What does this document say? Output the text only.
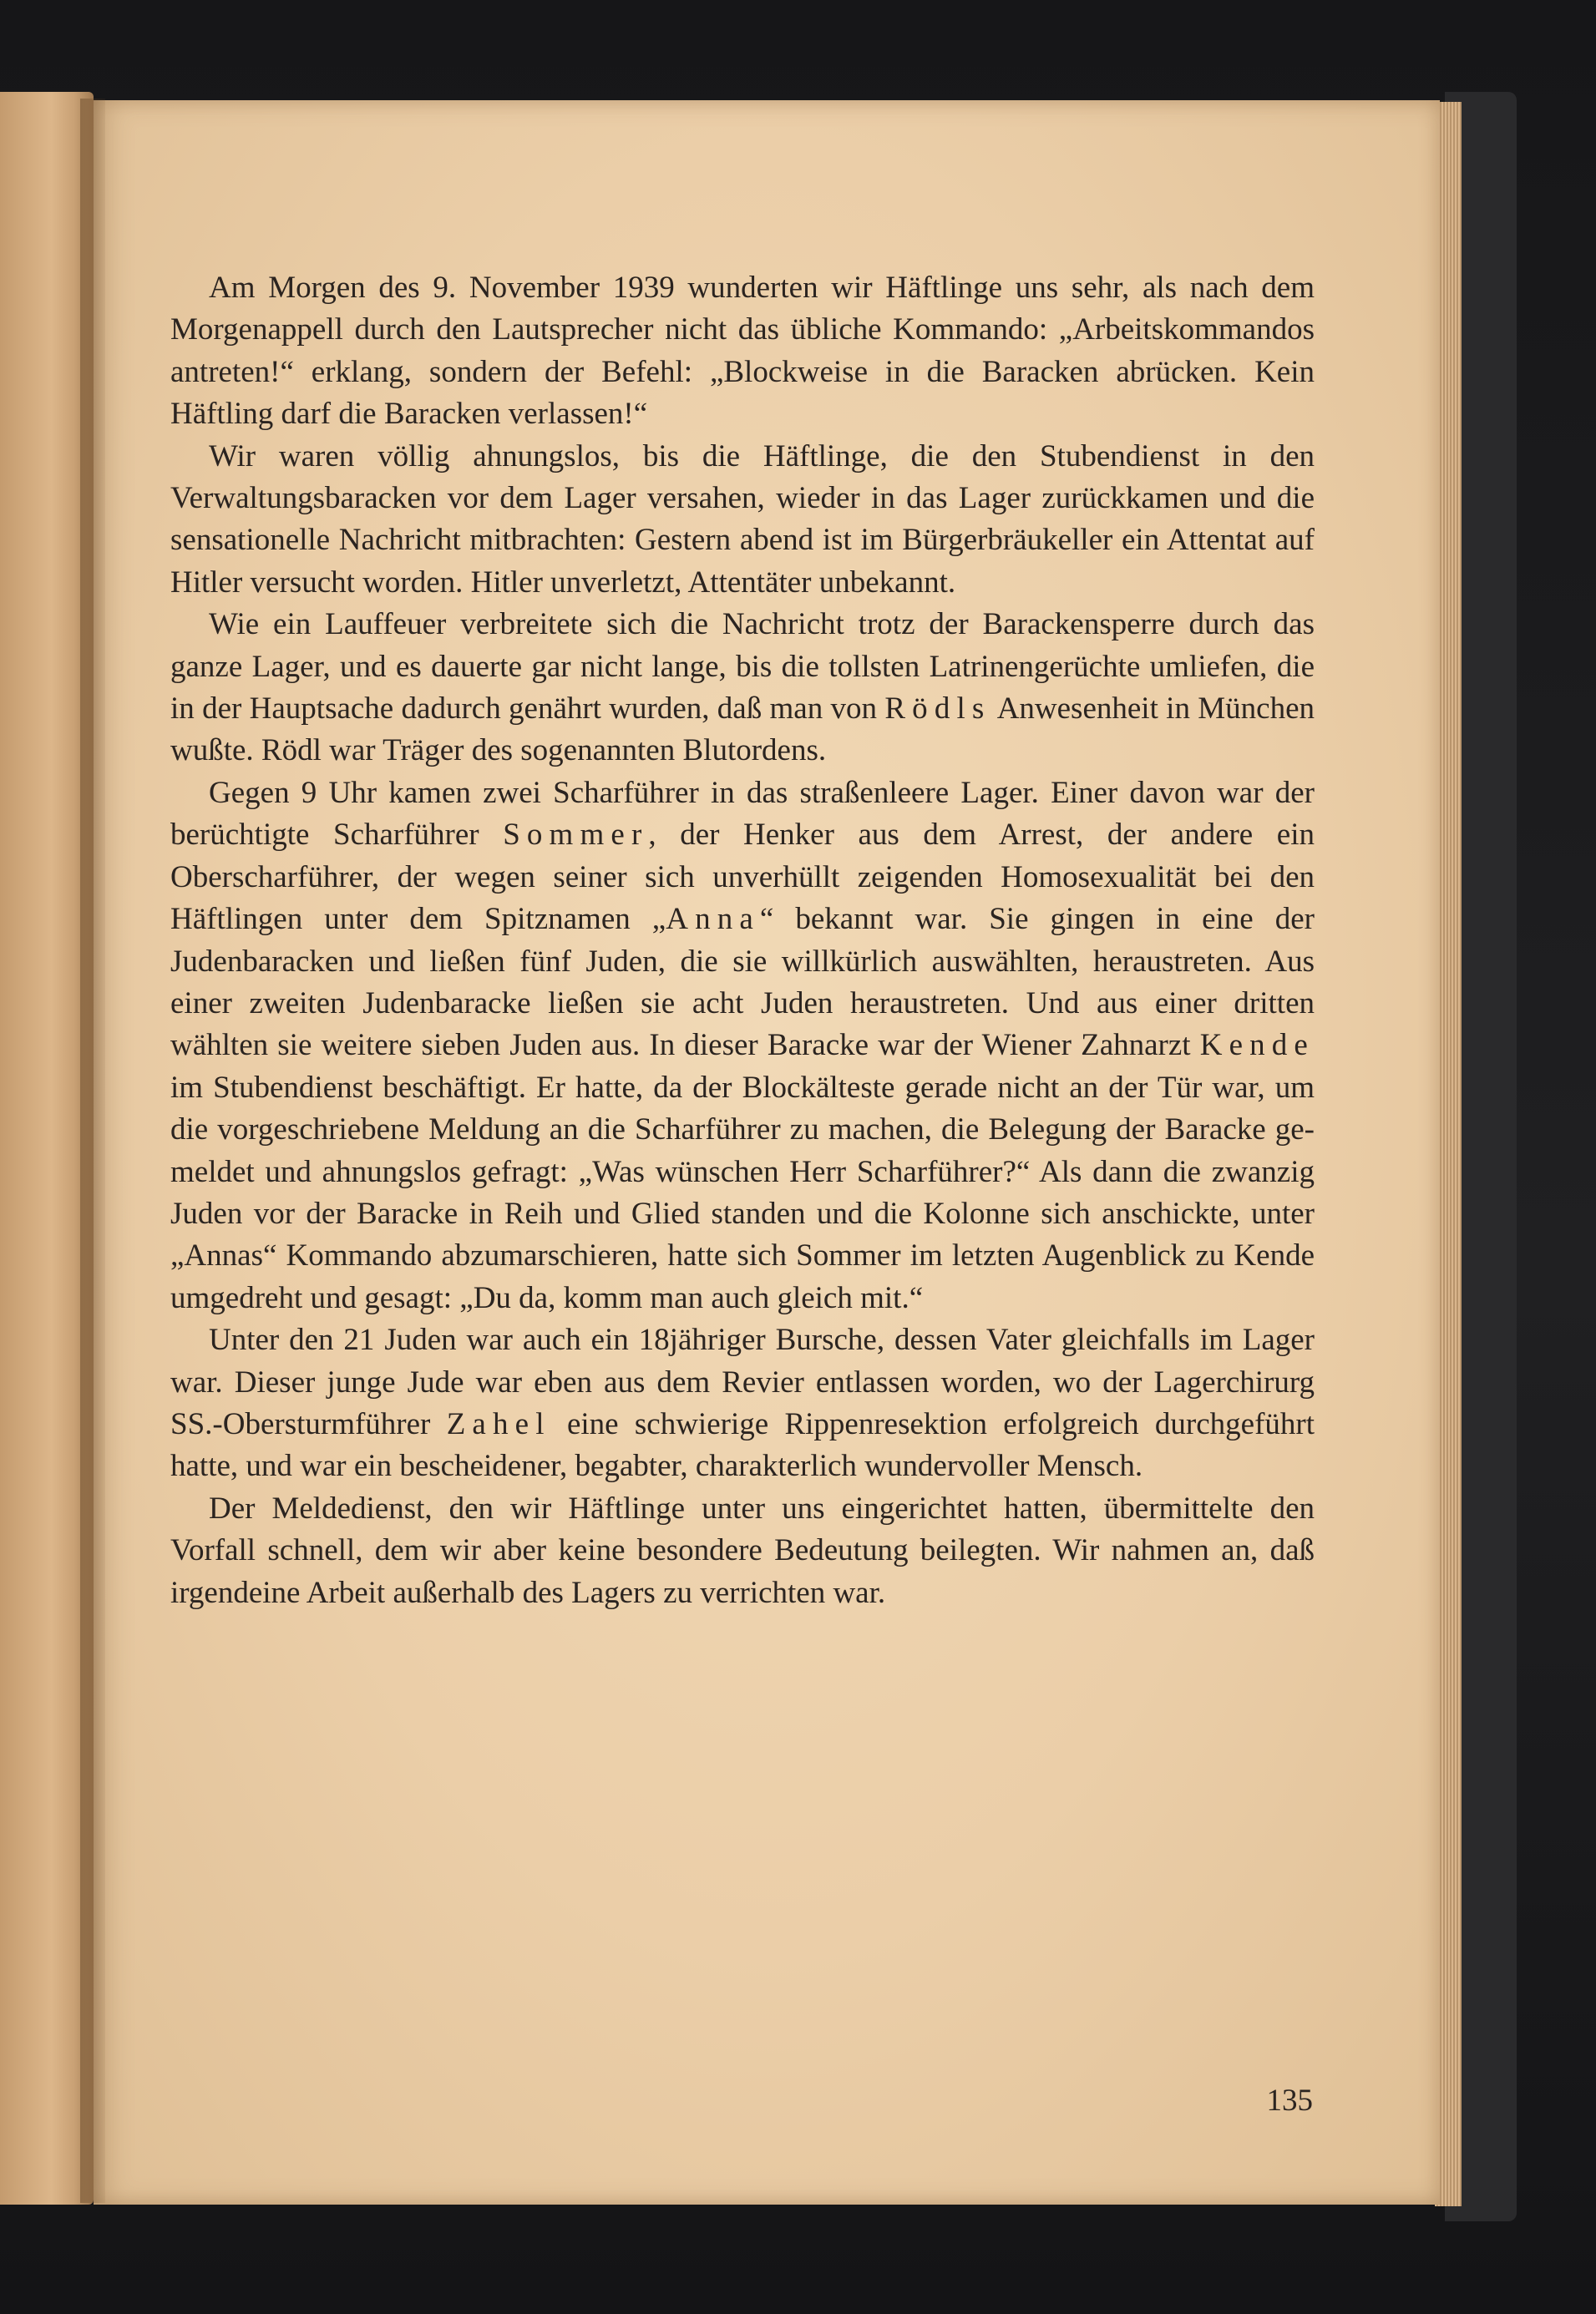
Am Morgen des 9. November 1939 wunderten wir Häftlinge uns sehr, als nach dem Morgenappell durch den Lautsprecher nicht das übliche Kommando: „Arbeitskommandos antreten!“ erklang, sondern der Befehl: „Blockweise in die Baracken abrücken. Kein Häftling darf die Baracken verlassen!“

Wir waren völlig ahnungslos, bis die Häftlinge, die den Stubendienst in den Verwaltungsbaracken vor dem Lager versahen, wieder in das Lager zurückkamen und die sensationelle Nachricht mitbrachten: Gestern abend ist im Bürgerbräukeller ein Attentat auf Hitler versucht worden. Hitler unverletzt, Attentäter unbekannt.

Wie ein Lauffeuer verbreitete sich die Nachricht trotz der Barackensperre durch das ganze Lager, und es dauerte gar nicht lange, bis die tollsten Latrinengerüchte umliefen, die in der Hauptsache dadurch genährt wurden, daß man von Rödls Anwesenheit in München wußte. Rödl war Träger des sogenannten Blutordens.

Gegen 9 Uhr kamen zwei Scharführer in das straßenleere Lager. Einer davon war der berüchtigte Scharführer Sommer, der Henker aus dem Arrest, der andere ein Oberscharführer, der wegen seiner sich unverhüllt zeigenden Homosexualität bei den Häftlingen unter dem Spitznamen „Anna“ bekannt war. Sie gingen in eine der Judenbaracken und ließen fünf Juden, die sie willkürlich auswählten, heraustreten. Aus einer zweiten Judenbaracke ließen sie acht Juden heraustreten. Und aus einer dritten wählten sie weitere sieben Juden aus. In dieser Baracke war der Wiener Zahnarzt Kende im Stubendienst beschäftigt. Er hatte, da der Blockälteste gerade nicht an der Tür war, um die vorgeschriebene Meldung an die Scharführer zu machen, die Belegung der Baracke gemeldet und ahnungslos gefragt: „Was wünschen Herr Scharführer?“ Als dann die zwanzig Juden vor der Baracke in Reih und Glied standen und die Kolonne sich anschickte, unter „Annas“ Kommando abzumarschieren, hatte sich Sommer im letzten Augenblick zu Kende umgedreht und gesagt: „Du da, komm man auch gleich mit.“

Unter den 21 Juden war auch ein 18jähriger Bursche, dessen Vater gleichfalls im Lager war. Dieser junge Jude war eben aus dem Revier entlassen worden, wo der Lagerchirurg SS.-Obersturmführer Zahel eine schwierige Rippenresektion erfolgreich durchgeführt hatte, und war ein bescheidener, begabter, charakterlich wundervoller Mensch.

Der Meldedienst, den wir Häftlinge unter uns eingerichtet hatten, übermittelte den Vorfall schnell, dem wir aber keine besondere Bedeutung beilegten. Wir nahmen an, daß irgendeine Arbeit außerhalb des Lagers zu verrichten war.

135
